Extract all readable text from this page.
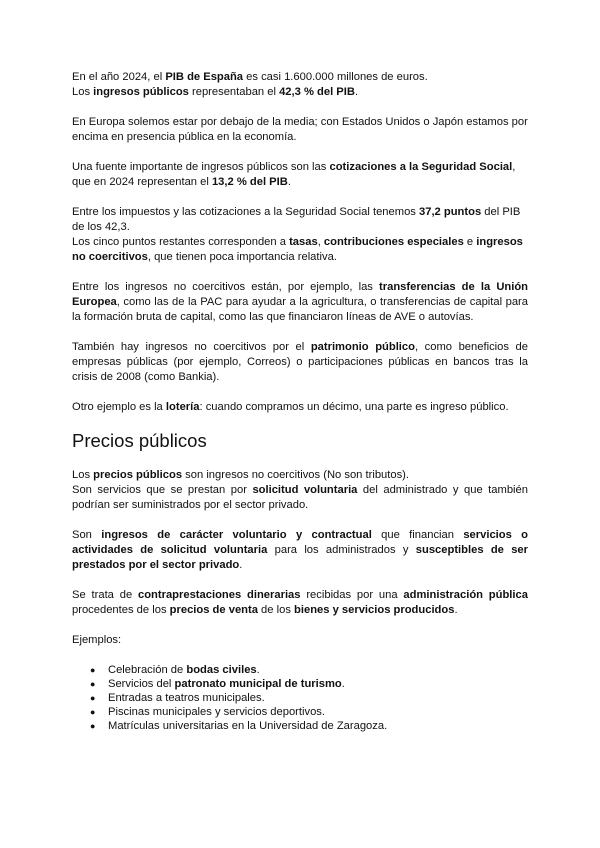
En el año 2024, el PIB de España es casi 1.600.000 millones de euros.
Los ingresos públicos representaban el 42,3 % del PIB.
En Europa solemos estar por debajo de la media; con Estados Unidos o Japón estamos por encima en presencia pública en la economía.
Una fuente importante de ingresos públicos son las cotizaciones a la Seguridad Social, que en 2024 representan el 13,2 % del PIB.
Entre los impuestos y las cotizaciones a la Seguridad Social tenemos 37,2 puntos del PIB de los 42,3.
Los cinco puntos restantes corresponden a tasas, contribuciones especiales e ingresos no coercitivos, que tienen poca importancia relativa.
Entre los ingresos no coercitivos están, por ejemplo, las transferencias de la Unión Europea, como las de la PAC para ayudar a la agricultura, o transferencias de capital para la formación bruta de capital, como las que financiaron líneas de AVE o autovías.
También hay ingresos no coercitivos por el patrimonio público, como beneficios de empresas públicas (por ejemplo, Correos) o participaciones públicas en bancos tras la crisis de 2008 (como Bankia).
Otro ejemplo es la lotería: cuando compramos un décimo, una parte es ingreso público.
Precios públicos
Los precios públicos son ingresos no coercitivos (No son tributos).
Son servicios que se prestan por solicitud voluntaria del administrado y que también podrían ser suministrados por el sector privado.
Son ingresos de carácter voluntario y contractual que financian servicios o actividades de solicitud voluntaria para los administrados y susceptibles de ser prestados por el sector privado.
Se trata de contraprestaciones dinerarias recibidas por una administración pública procedentes de los precios de venta de los bienes y servicios producidos.
Ejemplos:
● Celebración de bodas civiles.
● Servicios del patronato municipal de turismo.
● Entradas a teatros municipales.
● Piscinas municipales y servicios deportivos.
● Matrículas universitarias en la Universidad de Zaragoza.
